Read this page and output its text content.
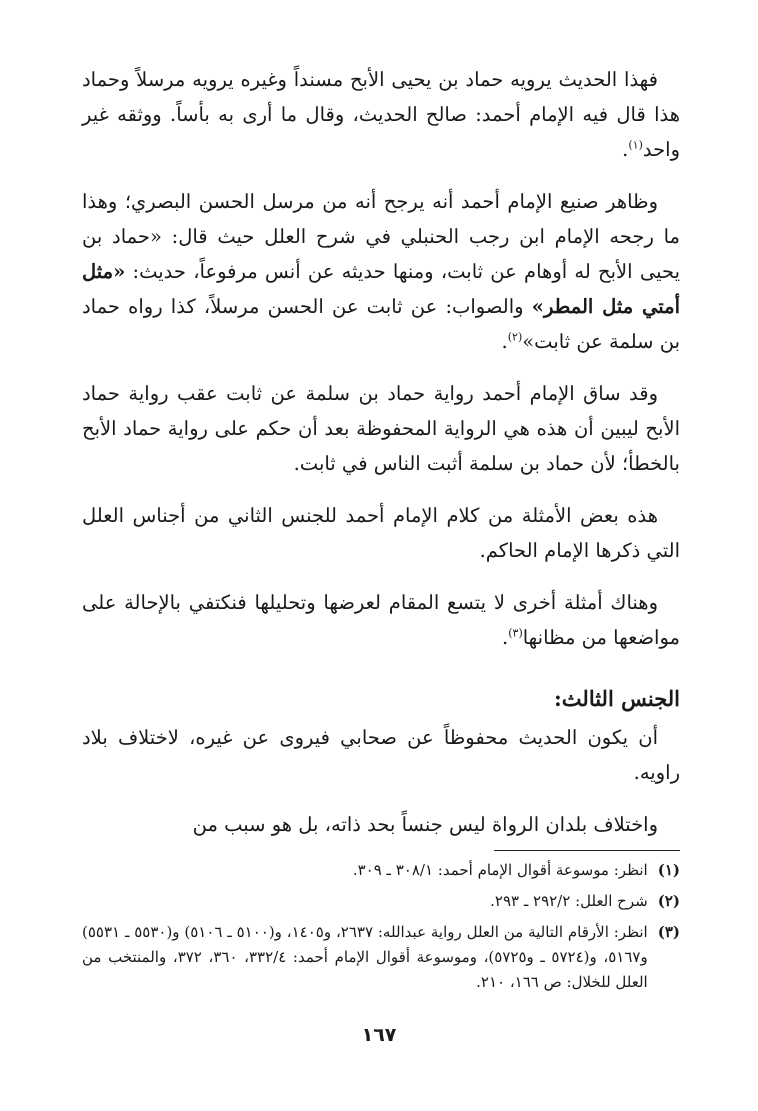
فهذا الحديث يرويه حماد بن يحيى الأبح مسنداً وغيره يرويه مرسلاً وحماد هذا قال فيه الإمام أحمد: صالح الحديث، وقال ما أرى به بأساً. ووثقه غير واحد$^{(١)}$.

وظاهر صنيع الإمام أحمد أنه يرجح أنه من مرسل الحسن البصري؛ وهذا ما رجحه الإمام ابن رجب الحنبلي في شرح العلل حيث قال: «حماد بن يحيى الأبح له أوهام عن ثابت، ومنها حديثه عن أنس مرفوعاً، حديث: «مثل أمتي مثل المطر» والصواب: عن ثابت عن الحسن مرسلاً، كذا رواه حماد بن سلمة عن ثابت»$^{(٢)}$.

وقد ساق الإمام أحمد رواية حماد بن سلمة عن ثابت عقب رواية حماد الأبح ليبين أن هذه هي الرواية المحفوظة بعد أن حكم على رواية حماد الأبح بالخطأ؛ لأن حماد بن سلمة أثبت الناس في ثابت.

هذه بعض الأمثلة من كلام الإمام أحمد للجنس الثاني من أجناس العلل التي ذكرها الإمام الحاكم.

وهناك أمثلة أخرى لا يتسع المقام لعرضها وتحليلها فنكتفي بالإحالة على مواضعها من مظانها$^{(٣)}$.

الجنس الثالث:

أن يكون الحديث محفوظاً عن صحابي فيروى عن غيره، لاختلاف بلاد راويه.

واختلاف بلدان الرواة ليس جنساً بحد ذاته، بل هو سبب من

(١)
انظر: موسوعة أقوال الإمام أحمد: ٣٠٨/١ ـ ٣٠٩.
(٢)
شرح العلل: ٢٩٢/٢ ـ ٢٩٣.
(٣)
انظر: الأرقام التالية من العلل رواية عبدالله: ٢٦٣٧، و١٤٠٥، و(٥١٠٠ ـ ٥١٠٦) و(٥٥٣٠ ـ ٥٥٣١) و٥١٦٧، و(٥٧٢٤ ـ و٥٧٢٥)، وموسوعة أقوال الإمام أحمد: ٣٣٢/٤، ٣٦٠، ٣٧٢، والمنتخب من العلل للخلال: ص ١٦٦، ٢١٠.
١٦٧
